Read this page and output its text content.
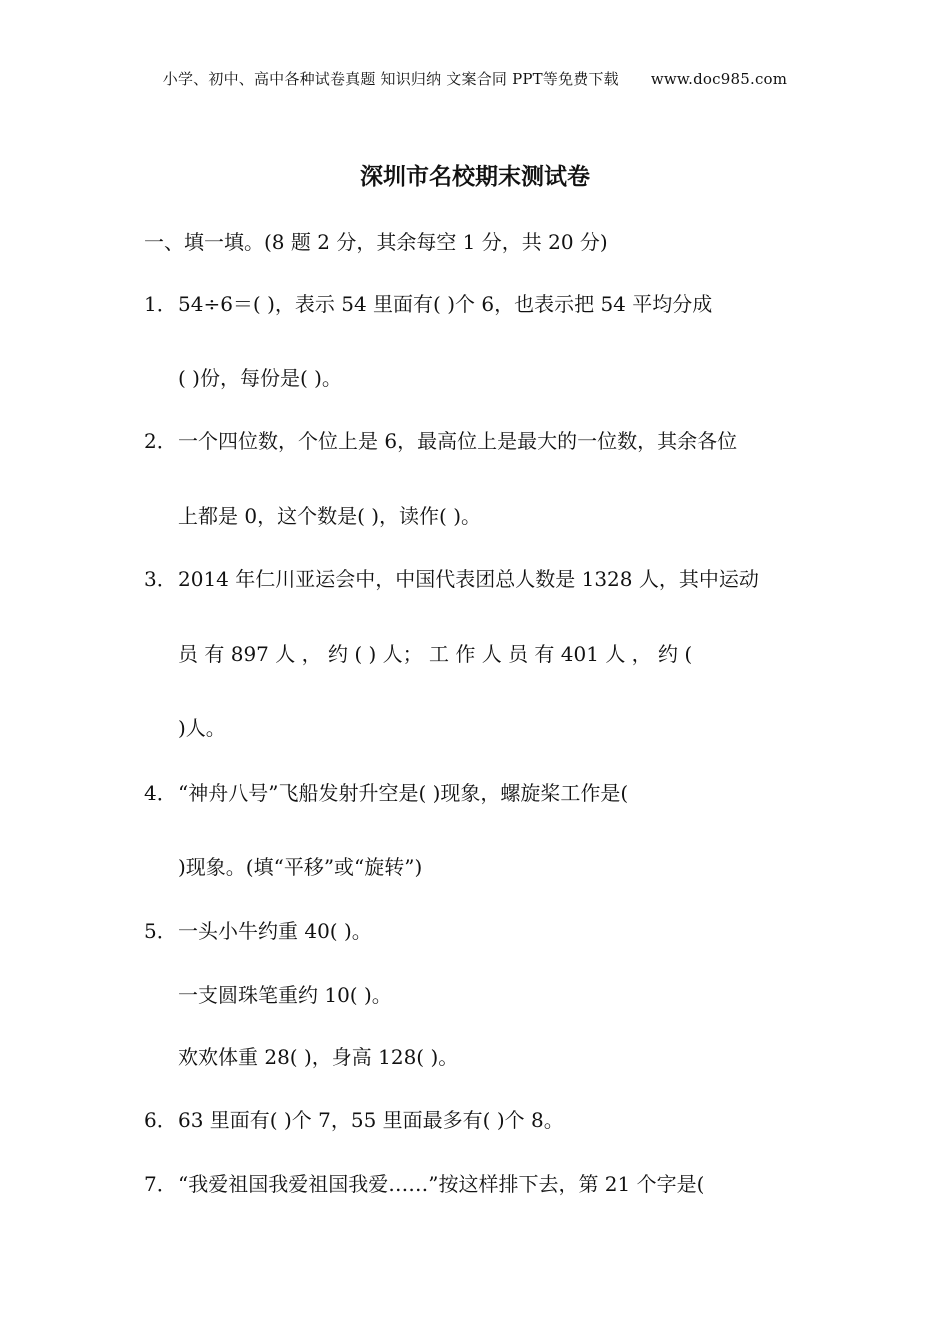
小学、初中、高中各种试卷真题 知识归纳 文案合同 PPT等免费下载 www.doc985.com
深圳市名校期末测试卷
一、填一填。(8 题 2 分，其余每空 1 分，共 20 分)
1．54÷6＝( )，表示 54 里面有( )个 6，也表示把 54 平均分成
( )份，每份是( )。
2．一个四位数，个位上是 6，最高位上是最大的一位数，其余各位
上都是 0，这个数是( )，读作( )。
3．2014 年仁川亚运会中，中国代表团总人数是 1328 人，其中运动
员 有 897 人 ， 约 ( ) 人； 工 作 人 员 有 401 人 ， 约 (
)人。
4．“神舟八号”飞船发射升空是( )现象，螺旋桨工作是(
)现象。(填“平移”或“旋转”)
5．一头小牛约重 40( )。
一支圆珠笔重约 10( )。
欢欢体重 28( )，身高 128( )。
6．63 里面有( )个 7，55 里面最多有( )个 8。
7．“我爱祖国我爱祖国我爱……”按这样排下去，第 21 个字是(
